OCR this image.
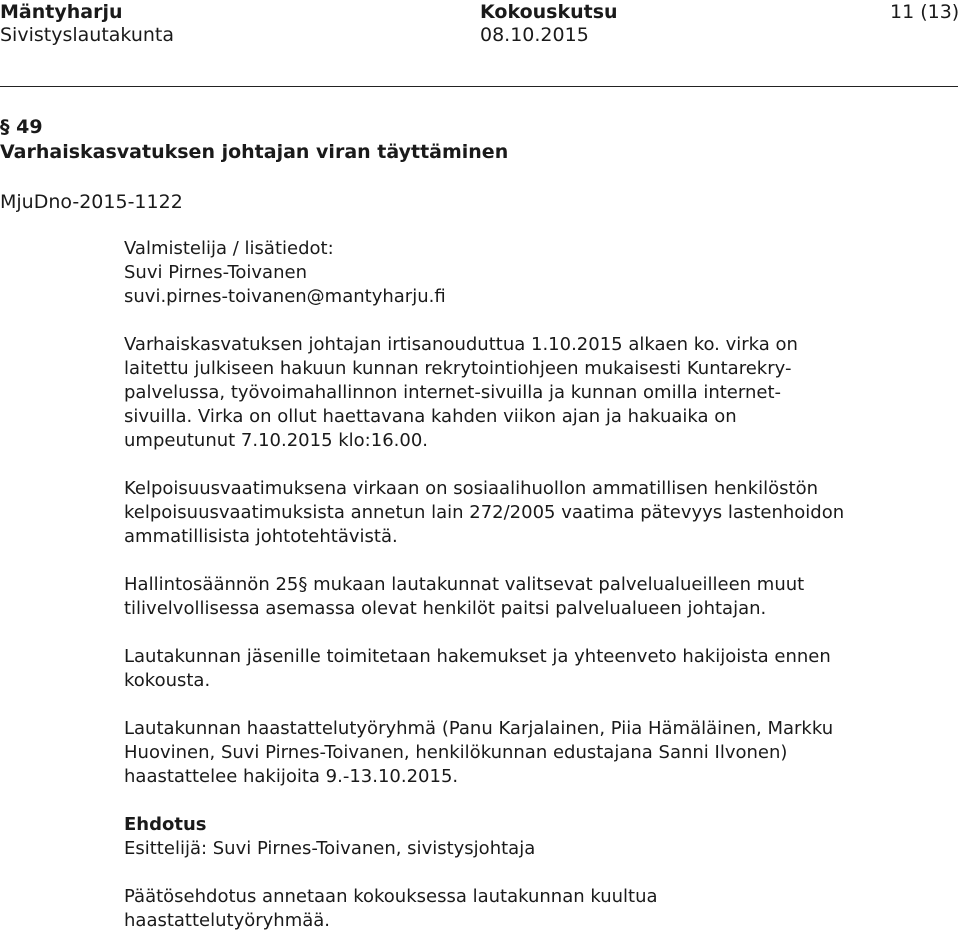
Mäntyharju
Sivistyslautakunta
Kokouskutsu
08.10.2015
11 (13)
§ 49
Varhaiskasvatuksen johtajan viran täyttäminen
MjuDno-2015-1122

Valmistelija / lisätiedot:
Suvi Pirnes-Toivanen
suvi.pirnes-toivanen@mantyharju.fi

Varhaiskasvatuksen johtajan irtisanouduttua 1.10.2015 alkaen ko. virka on
laitettu julkiseen hakuun kunnan rekrytointiohjeen mukaisesti Kuntarekry-
palvelussa, työvoimahallinnon internet-sivuilla ja kunnan omilla internet-
sivuilla. Virka on ollut haettavana kahden viikon ajan ja hakuaika on
umpeutunut 7.10.2015 klo:16.00.

Kelpoisuusvaatimuksena virkaan on sosiaalihuollon ammatillisen henkilöstön
kelpoisuusvaatimuksista annetun lain 272/2005 vaatima pätevyys lastenhoidon
ammatillisista johtotehtävistä.

Hallintosäännön 25§ mukaan lautakunnat valitsevat palvelualueilleen muut
tilivelvollisessa asemassa olevat henkilöt paitsi palvelualueen johtajan.

Lautakunnan jäsenille toimitetaan hakemukset ja yhteenveto hakijoista ennen
kokousta.

Lautakunnan haastattelutyöryhmä (Panu Karjalainen, Piia Hämäläinen, Markku
Huovinen, Suvi Pirnes-Toivanen, henkilökunnan edustajana Sanni Ilvonen)
haastattelee hakijoita 9.-13.10.2015.

Ehdotus
Esittelijä: Suvi Pirnes-Toivanen, sivistysjohtaja

Päätösehdotus annetaan kokouksessa lautakunnan kuultua
haastattelutyöryhmää.
